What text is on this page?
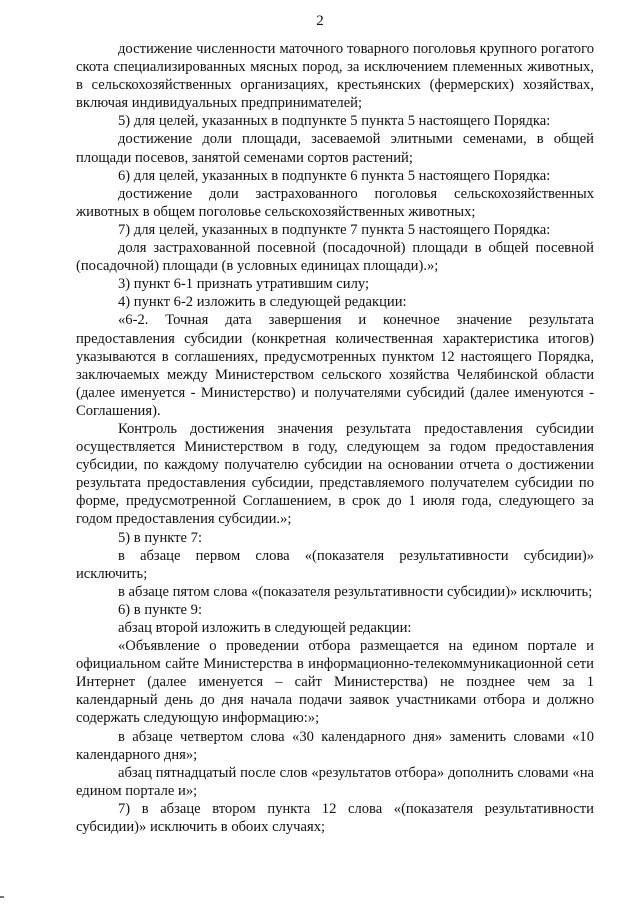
2

достижение численности маточного товарного поголовья крупного рогатого скота специализированных мясных пород, за исключением племенных животных, в сельскохозяйственных организациях, крестьянских (фермерских) хозяйствах, включая индивидуальных предпринимателей;

5) для целей, указанных в подпункте 5 пункта 5 настоящего Порядка:

достижение доли площади, засеваемой элитными семенами, в общей площади посевов, занятой семенами сортов растений;

6) для целей, указанных в подпункте 6 пункта 5 настоящего Порядка:

достижение доли застрахованного поголовья сельскохозяйственных животных в общем поголовье сельскохозяйственных животных;

7) для целей, указанных в подпункте 7 пункта 5 настоящего Порядка:

доля застрахованной посевной (посадочной) площади в общей посевной (посадочной) площади (в условных единицах площади).»;

3) пункт 6-1 признать утратившим силу;

4) пункт 6-2 изложить в следующей редакции:

«6-2. Точная дата завершения и конечное значение результата предоставления субсидии (конкретная количественная характеристика итогов) указываются в соглашениях, предусмотренных пунктом 12 настоящего Порядка, заключаемых между Министерством сельского хозяйства Челябинской области (далее именуется - Министерство) и получателями субсидий (далее именуются - Соглашения).

Контроль достижения значения результата предоставления субсидии осуществляется Министерством в году, следующем за годом предоставления субсидии, по каждому получателю субсидии на основании отчета о достижении результата предоставления субсидии, представляемого получателем субсидии по форме, предусмотренной Соглашением, в срок до 1 июля года, следующего за годом предоставления субсидии.»;

5) в пункте 7:

в абзаце первом слова «(показателя результативности субсидии)» исключить;

в абзаце пятом слова «(показателя результативности субсидии)» исключить;

6) в пункте 9:

абзац второй изложить в следующей редакции:

«Объявление о проведении отбора размещается на едином портале и официальном сайте Министерства в информационно-телекоммуникационной сети Интернет (далее именуется – сайт Министерства) не позднее чем за 1 календарный день до дня начала подачи заявок участниками отбора и должно содержать следующую информацию:»;

в абзаце четвертом слова «30 календарного дня» заменить словами «10 календарного дня»;

абзац пятнадцатый после слов «результатов отбора» дополнить словами «на едином портале и»;

7) в абзаце втором пункта 12 слова «(показателя результативности субсидии)» исключить в обоих случаях;
